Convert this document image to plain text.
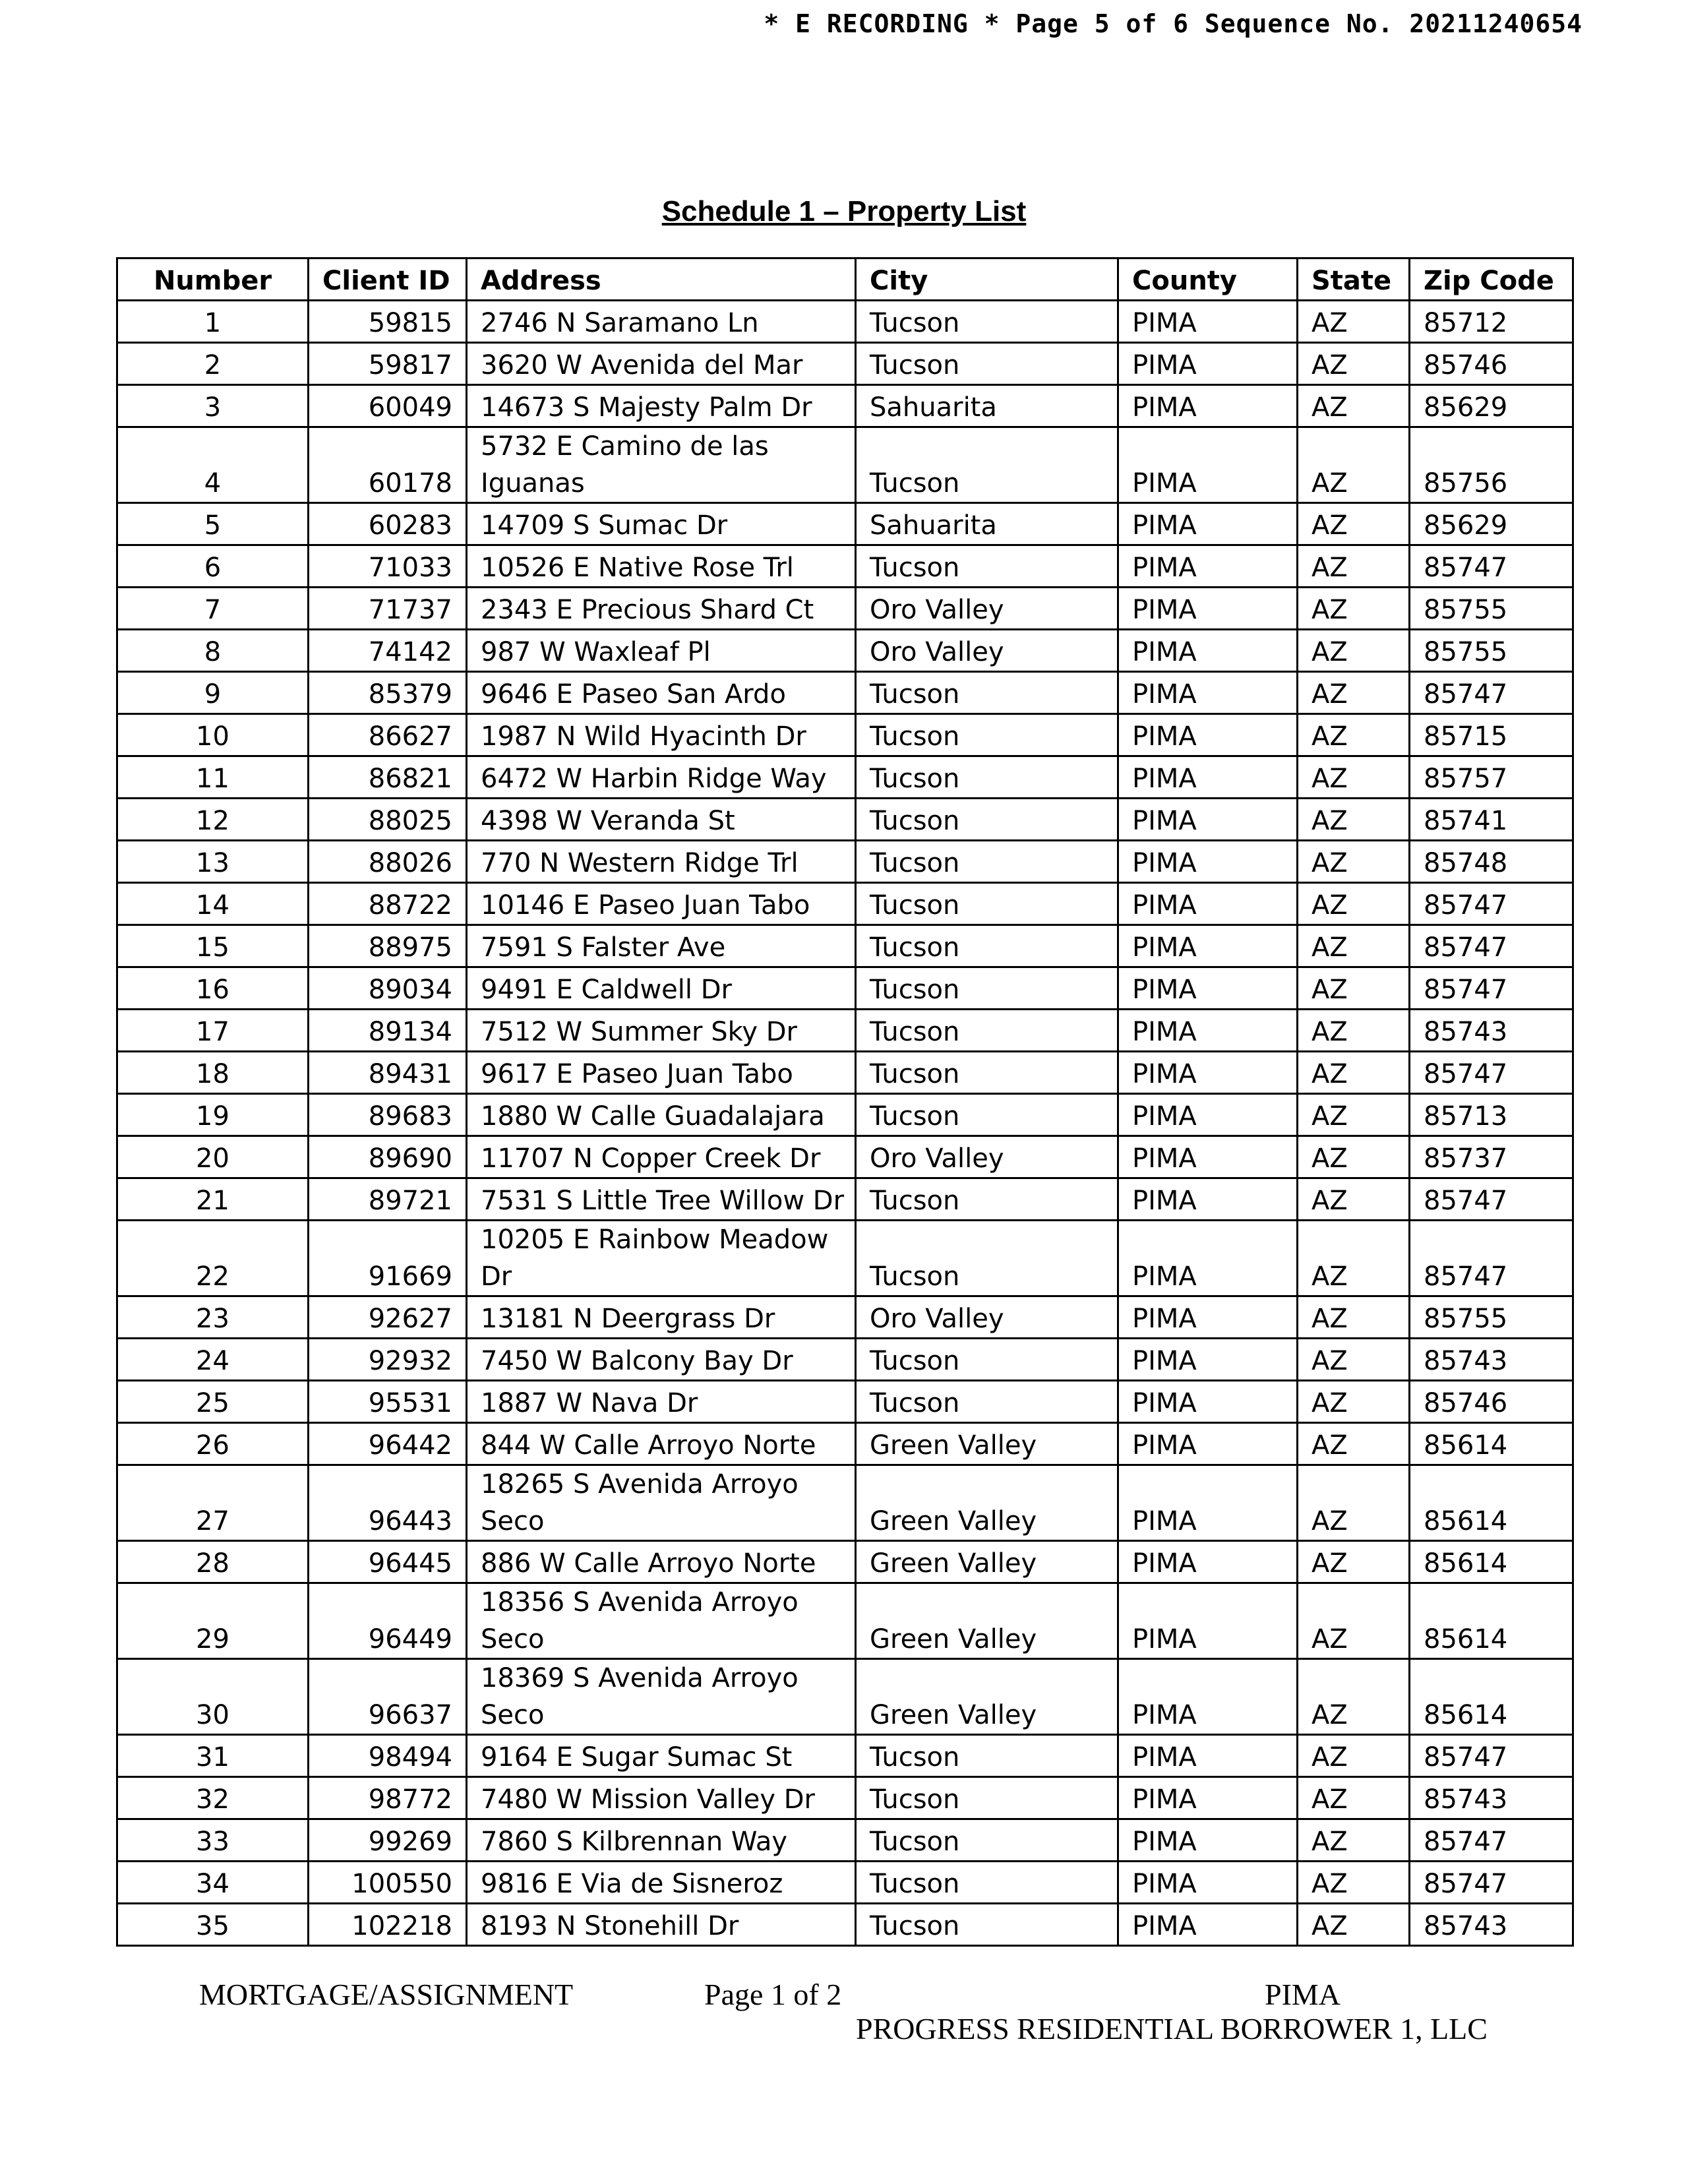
* E RECORDING * Page 5 of 6 Sequence No. 20211240654
Schedule 1 – Property List
Number	Client ID	Address	City	County	State	Zip Code
1	59815	2746 N Saramano Ln	Tucson	PIMA	AZ	85712
2	59817	3620 W Avenida del Mar	Tucson	PIMA	AZ	85746
3	60049	14673 S Majesty Palm Dr	Sahuarita	PIMA	AZ	85629
4	60178	5732 E Camino de las Iguanas	Tucson	PIMA	AZ	85756
5	60283	14709 S Sumac Dr	Sahuarita	PIMA	AZ	85629
6	71033	10526 E Native Rose Trl	Tucson	PIMA	AZ	85747
7	71737	2343 E Precious Shard Ct	Oro Valley	PIMA	AZ	85755
8	74142	987 W Waxleaf Pl	Oro Valley	PIMA	AZ	85755
9	85379	9646 E Paseo San Ardo	Tucson	PIMA	AZ	85747
10	86627	1987 N Wild Hyacinth Dr	Tucson	PIMA	AZ	85715
11	86821	6472 W Harbin Ridge Way	Tucson	PIMA	AZ	85757
12	88025	4398 W Veranda St	Tucson	PIMA	AZ	85741
13	88026	770 N Western Ridge Trl	Tucson	PIMA	AZ	85748
14	88722	10146 E Paseo Juan Tabo	Tucson	PIMA	AZ	85747
15	88975	7591 S Falster Ave	Tucson	PIMA	AZ	85747
16	89034	9491 E Caldwell Dr	Tucson	PIMA	AZ	85747
17	89134	7512 W Summer Sky Dr	Tucson	PIMA	AZ	85743
18	89431	9617 E Paseo Juan Tabo	Tucson	PIMA	AZ	85747
19	89683	1880 W Calle Guadalajara	Tucson	PIMA	AZ	85713
20	89690	11707 N Copper Creek Dr	Oro Valley	PIMA	AZ	85737
21	89721	7531 S Little Tree Willow Dr	Tucson	PIMA	AZ	85747
22	91669	10205 E Rainbow Meadow Dr	Tucson	PIMA	AZ	85747
23	92627	13181 N Deergrass Dr	Oro Valley	PIMA	AZ	85755
24	92932	7450 W Balcony Bay Dr	Tucson	PIMA	AZ	85743
25	95531	1887 W Nava Dr	Tucson	PIMA	AZ	85746
26	96442	844 W Calle Arroyo Norte	Green Valley	PIMA	AZ	85614
27	96443	18265 S Avenida Arroyo Seco	Green Valley	PIMA	AZ	85614
28	96445	886 W Calle Arroyo Norte	Green Valley	PIMA	AZ	85614
29	96449	18356 S Avenida Arroyo Seco	Green Valley	PIMA	AZ	85614
30	96637	18369 S Avenida Arroyo Seco	Green Valley	PIMA	AZ	85614
31	98494	9164 E Sugar Sumac St	Tucson	PIMA	AZ	85747
32	98772	7480 W Mission Valley Dr	Tucson	PIMA	AZ	85743
33	99269	7860 S Kilbrennan Way	Tucson	PIMA	AZ	85747
34	100550	9816 E Via de Sisneroz	Tucson	PIMA	AZ	85747
35	102218	8193 N Stonehill Dr	Tucson	PIMA	AZ	85743
MORTGAGE/ASSIGNMENT	Page 1 of 2	PIMA
PROGRESS RESIDENTIAL BORROWER 1, LLC
